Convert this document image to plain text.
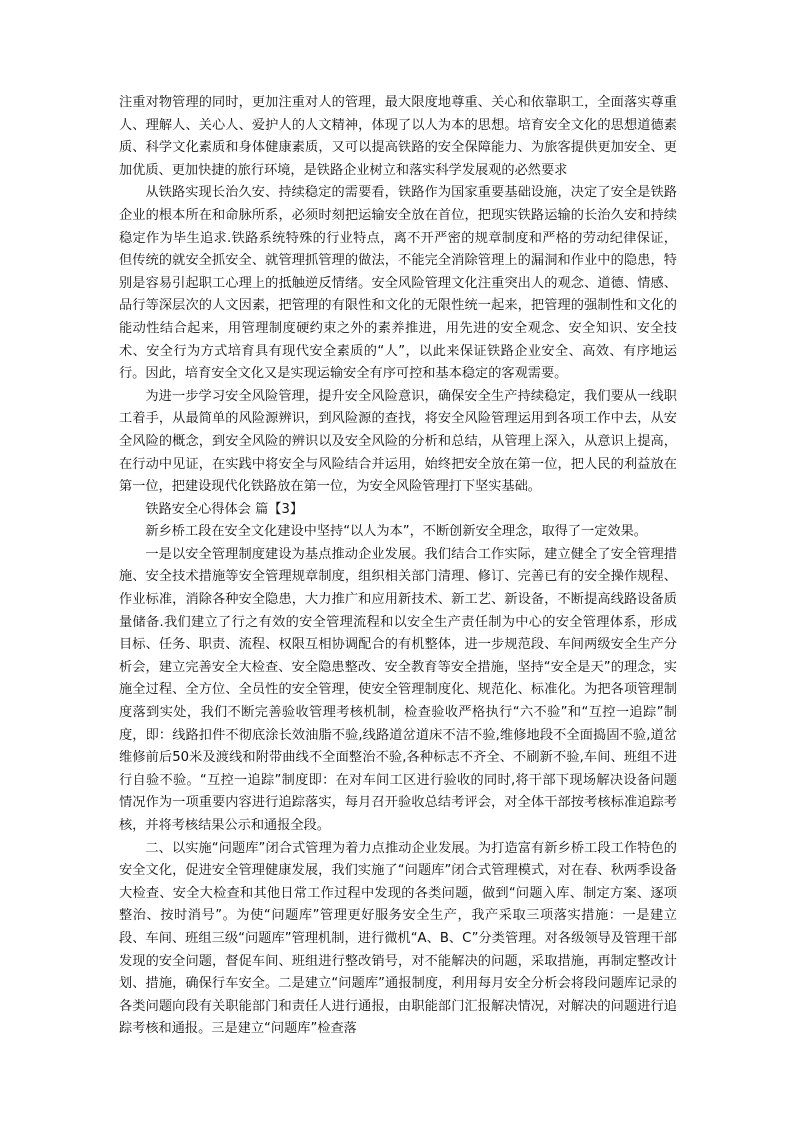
注重对物管理的同时，更加注重对人的管理，最大限度地尊重、关心和依靠职工，全面落实尊重人、理解人、关心人、爱护人的人文精神，体现了以人为本的思想。培育安全文化的思想道德素质、科学文化素质和身体健康素质，又可以提高铁路的安全保障能力、为旅客提供更加安全、更加优质、更加快捷的旅行环境，是铁路企业树立和落实科学发展观的必然要求

从铁路实现长治久安、持续稳定的需要看，铁路作为国家重要基础设施，决定了安全是铁路企业的根本所在和命脉所系，必须时刻把运输安全放在首位，把现实铁路运输的长治久安和持续稳定作为毕生追求.铁路系统特殊的行业特点，离不开严密的规章制度和严格的劳动纪律保证，但传统的就安全抓安全、就管理抓管理的做法，不能完全消除管理上的漏洞和作业中的隐患，特别是容易引起职工心理上的抵触逆反情绪。安全风险管理文化注重突出人的观念、道德、情感、品行等深层次的人文因素，把管理的有限性和文化的无限性统一起来，把管理的强制性和文化的能动性结合起来，用管理制度硬约束之外的素养推进，用先进的安全观念、安全知识、安全技术、安全行为方式培育具有现代安全素质的“人”，以此来保证铁路企业安全、高效、有序地运行。因此，培育安全文化又是实现运输安全有序可控和基本稳定的客观需要。

为进一步学习安全风险管理，提升安全风险意识，确保安全生产持续稳定，我们要从一线职工着手，从最简单的风险源辨识，到风险源的查找，将安全风险管理运用到各项工作中去，从安全风险的概念，到安全风险的辨识以及安全风险的分析和总结，从管理上深入，从意识上提高，在行动中见证，在实践中将安全与风险结合并运用，始终把安全放在第一位，把人民的利益放在第一位，把建设现代化铁路放在第一位，为安全风险管理打下坚实基础。

铁路安全心得体会 篇【3】

新乡桥工段在安全文化建设中坚持“以人为本”，不断创新安全理念，取得了一定效果。

一是以安全管理制度建设为基点推动企业发展。我们结合工作实际，建立健全了安全管理措施、安全技术措施等安全管理规章制度，组织相关部门清理、修订、完善已有的安全操作规程、作业标准，消除各种安全隐患，大力推广和应用新技术、新工艺、新设备，不断提高线路设备质量储备.我们建立了行之有效的安全管理流程和以安全生产责任制为中心的安全管理体系，形成目标、任务、职责、流程、权限互相协调配合的有机整体，进一步规范段、车间两级安全生产分析会，建立完善安全大检查、安全隐患整改、安全教育等安全措施，坚持“安全是天”的理念，实施全过程、全方位、全员性的安全管理，使安全管理制度化、规范化、标准化。为把各项管理制度落到实处，我们不断完善验收管理考核机制，检查验收严格执行“六不验”和“互控一追踪”制度，即：线路扣件不彻底涂长效油脂不验,线路道岔道床不洁不验,维修地段不全面捣固不验,道岔维修前后50米及渡线和附带曲线不全面整治不验,各种标志不齐全、不刷新不验,车间、班组不进行自验不验。“互控一追踪”制度即：在对车间工区进行验收的同时,将干部下现场解决设备问题情况作为一项重要内容进行追踪落实，每月召开验收总结考评会，对全体干部按考核标准追踪考核，并将考核结果公示和通报全段。

二、以实施“问题库”闭合式管理为着力点推动企业发展。为打造富有新乡桥工段工作特色的安全文化，促进安全管理健康发展，我们实施了“问题库”闭合式管理模式，对在春、秋两季设备大检查、安全大检查和其他日常工作过程中发现的各类问题，做到“问题入库、制定方案、逐项整治、按时消号”。为使“问题库”管理更好服务安全生产，我产采取三项落实措施：一是建立段、车间、班组三级“问题库”管理机制，进行微机“A、B、C”分类管理。对各级领导及管理干部发现的安全问题，督促车间、班组进行整改销号，对不能解决的问题，采取措施，再制定整改计划、措施，确保行车安全。二是建立“问题库”通报制度，利用每月安全分析会将段问题库记录的各类问题向段有关职能部门和责任人进行通报，由职能部门汇报解决情况，对解决的问题进行追踪考核和通报。三是建立“问题库”检查落
